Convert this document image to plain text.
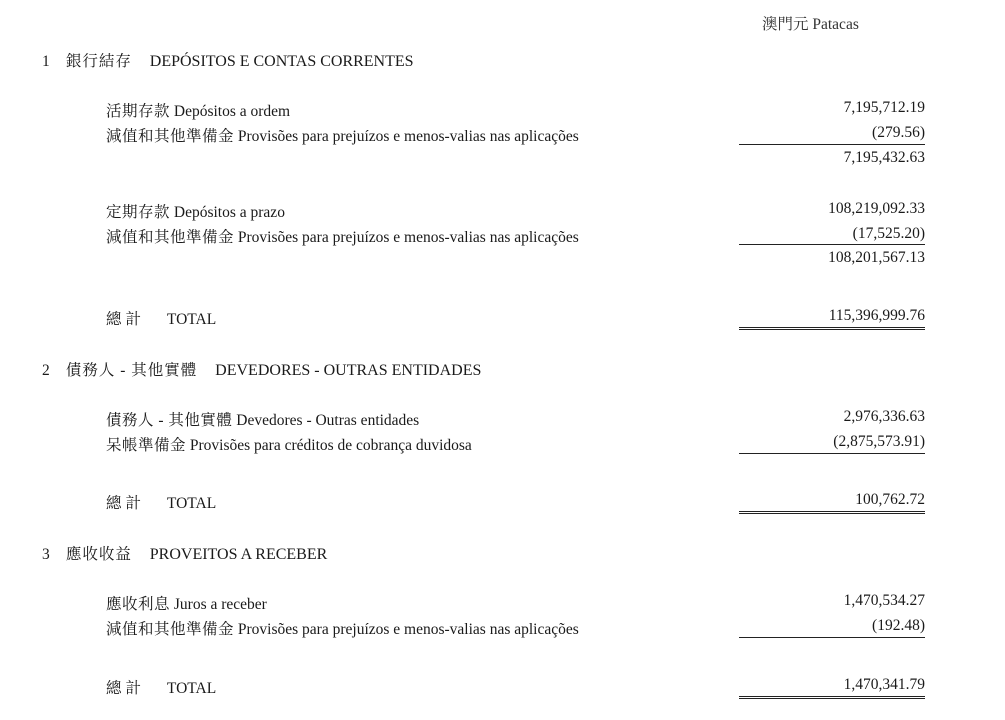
澳門元 Patacas
1 銀行結存 DEPÓSITOS E CONTAS CORRENTES
活期存款 Depósitos a ordem	7,195,712.19
減值和其他準備金 Provisões para prejuízos e menos-valias nas aplicações	(279.56)
7,195,432.63
定期存款 Depósitos a prazo	108,219,092.33
減值和其他準備金 Provisões para prejuízos e menos-valias nas aplicações	(17,525.20)
108,201,567.13
總計 TOTAL	115,396,999.76
2 債務人 - 其他實體 DEVEDORES - OUTRAS ENTIDADES
債務人 - 其他實體 Devedores - Outras entidades	2,976,336.63
呆帳準備金 Provisões para créditos de cobrança duvidosa	(2,875,573.91)
總計 TOTAL	100,762.72
3 應收收益 PROVEITOS A RECEBER
應收利息 Juros a receber	1,470,534.27
減值和其他準備金 Provisões para prejuízos e menos-valias nas aplicações	(192.48)
總計 TOTAL	1,470,341.79
